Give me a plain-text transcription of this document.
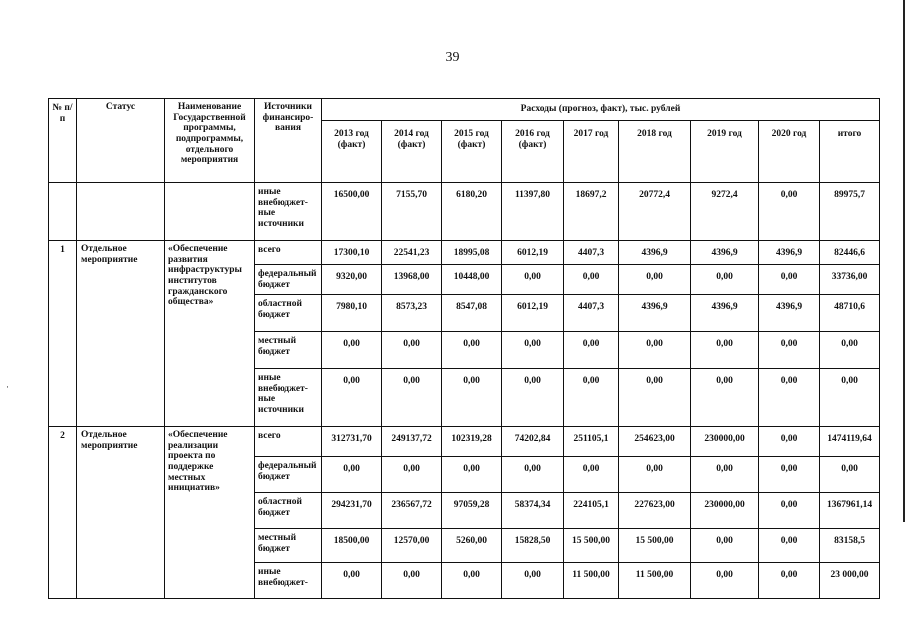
39
·
№ п/п	Статус	Наименование Государственной программы, подпрограммы, отдельного мероприятия	Источники финансиро-вания	Расходы (прогноз, факт), тыс. рублей								
				2013 год (факт)	2014 год (факт)	2015 год (факт)	2016 год (факт)	2017 год	2018 год	2019 год	2020 год	итого
			иные внебюджет-ные источники	16500,00	7155,70	6180,20	11397,80	18697,2	20772,4	9272,4	0,00	89975,7
1	Отдельное мероприятие	«Обеспечение развития инфраструктуры институтов гражданского общества»	всего	17300,10	22541,23	18995,08	6012,19	4407,3	4396,9	4396,9	4396,9	82446,6
			федеральный бюджет	9320,00	13968,00	10448,00	0,00	0,00	0,00	0,00	0,00	33736,00
			областной бюджет	7980,10	8573,23	8547,08	6012,19	4407,3	4396,9	4396,9	4396,9	48710,6
			местный бюджет	0,00	0,00	0,00	0,00	0,00	0,00	0,00	0,00	0,00
			иные внебюджет-ные источники	0,00	0,00	0,00	0,00	0,00	0,00	0,00	0,00	0,00
2	Отдельное мероприятие	«Обеспечение реализации проекта по поддержке местных инициатив»	всего	312731,70	249137,72	102319,28	74202,84	251105,1	254623,00	230000,00	0,00	1474119,64
			федеральный бюджет	0,00	0,00	0,00	0,00	0,00	0,00	0,00	0,00	0,00
			областной бюджет	294231,70	236567,72	97059,28	58374,34	224105,1	227623,00	230000,00	0,00	1367961,14
			местный бюджет	18500,00	12570,00	5260,00	15828,50	15 500,00	15 500,00	0,00	0,00	83158,5
			иные внебюджет-	0,00	0,00	0,00	0,00	11 500,00	11 500,00	0,00	0,00	23 000,00
